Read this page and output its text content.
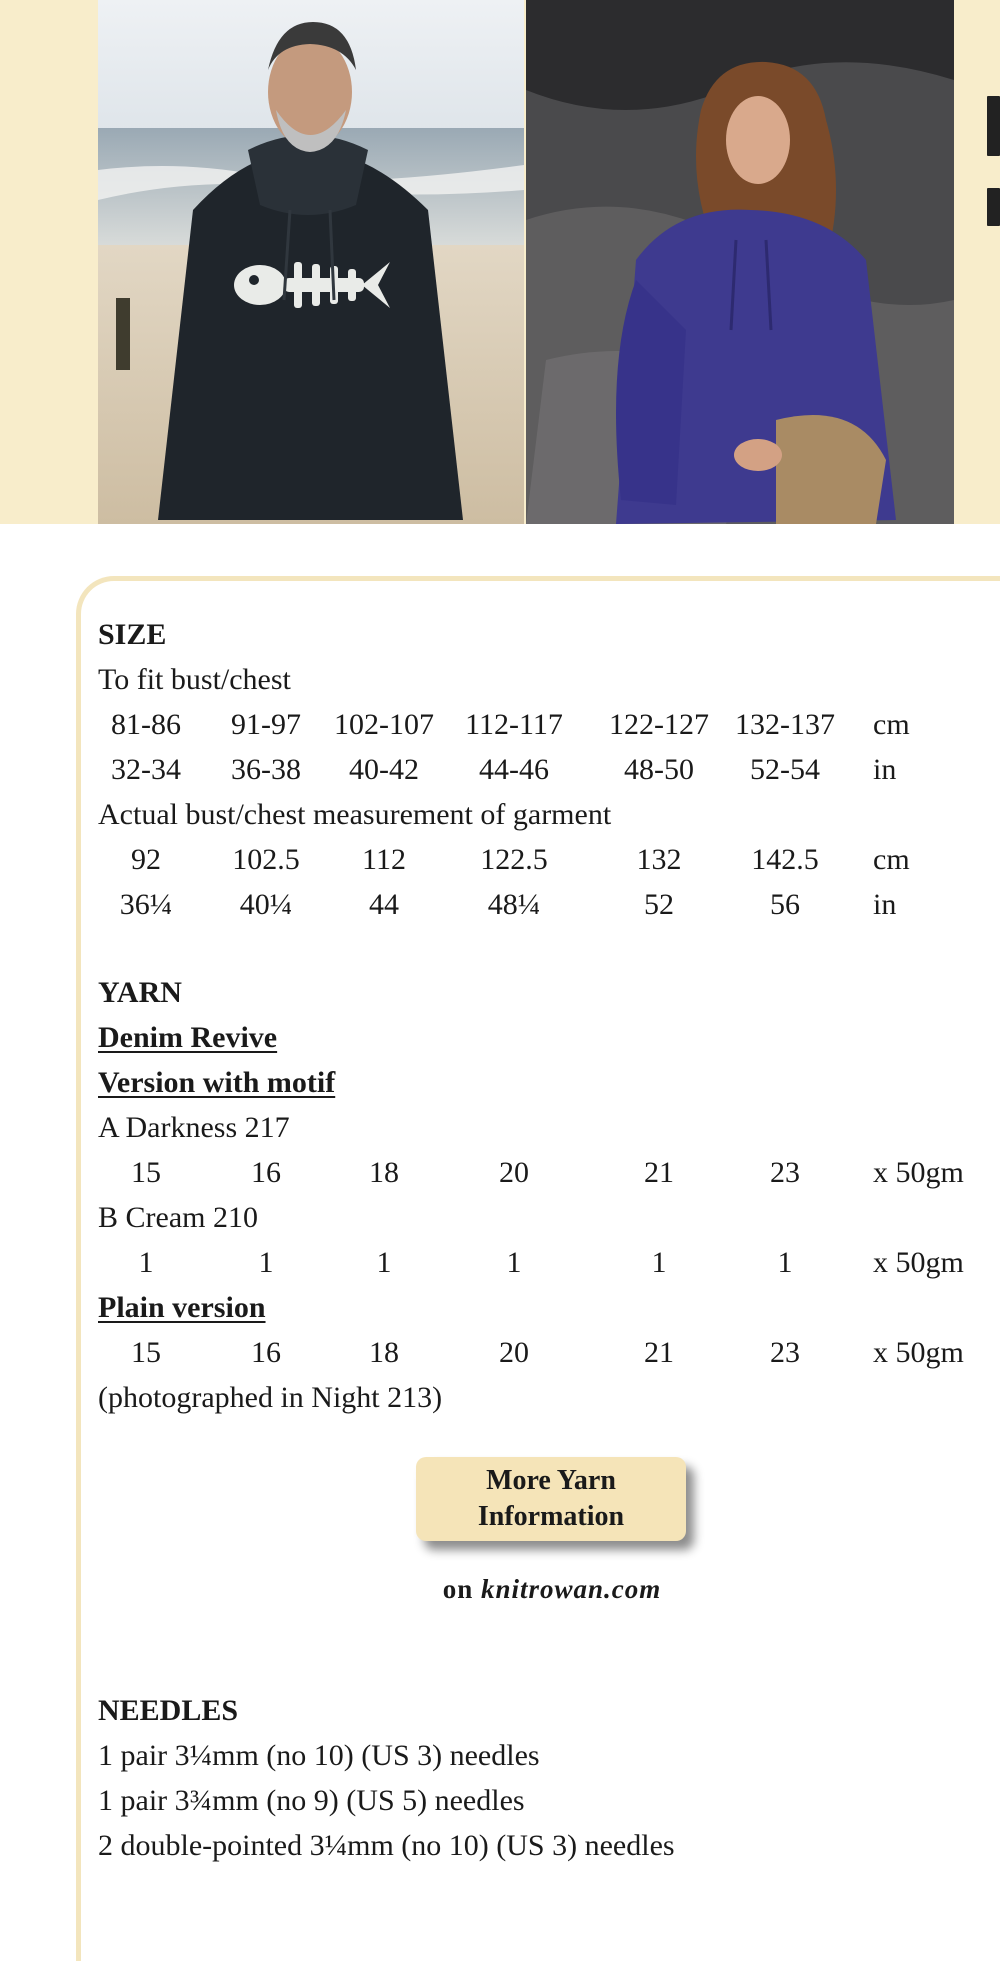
SIZE
To fit bust/chest
81-86 91-97 102-107 112-117 122-127 132-137 cm
32-34 36-38 40-42 44-46	48-50 52-54 in
Actual bust/chest measurement of garment
92 102.5 112 122.5	132 142.5 cm
36¼ 40¼	44	48¼	52	56 in
YARN
Denim Revive
Version with motif
A Darkness 217
15	16	18	20	21	23 x 50gm
B Cream 210
1	1	1	1	1	1	x 50gm
Plain version
15	16	18	20	21	23 x 50gm
(photographed in Night 213)
More Yarn
Information
on knitrowan.com
NEEDLES
1 pair 3¼mm (no 10) (US 3) needles
1 pair 3¾mm (no 9) (US 5) needles
2 double-pointed 3¼mm (no 10) (US 3) needles
